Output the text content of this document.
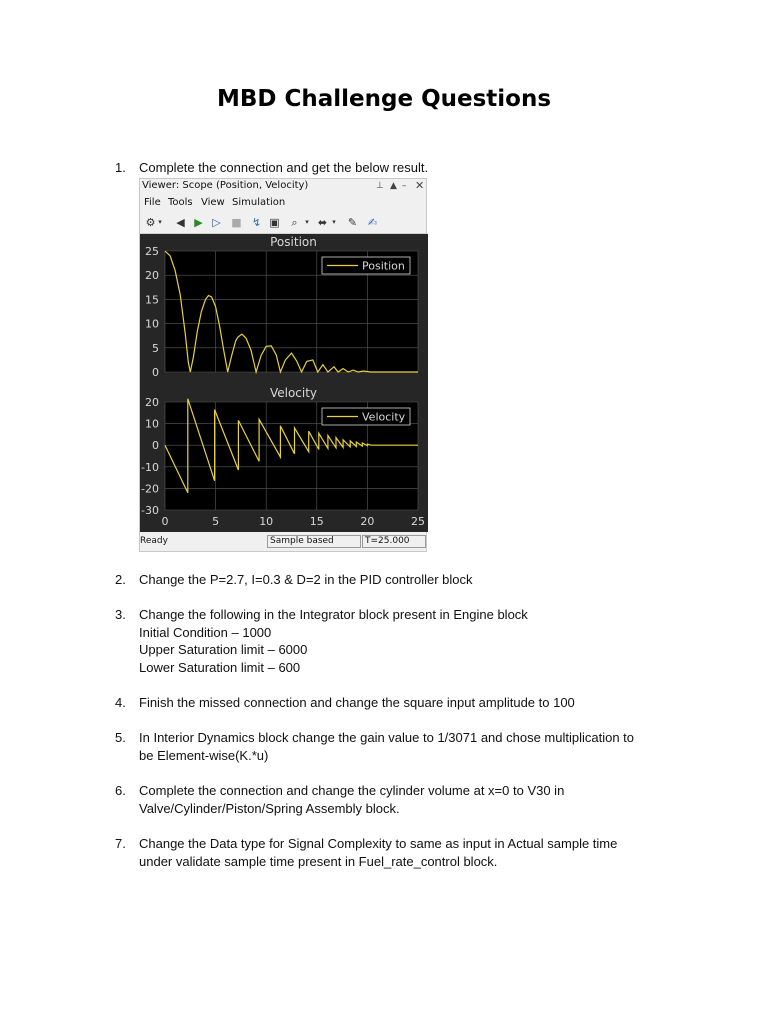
MBD Challenge Questions
1.	Complete the connection and get the below result.
2.	Change the P=2.7, I=0.3 & D=2 in the PID controller block
3.	Change the following in the Integrator block present in Engine block
Initial Condition – 1000
Upper Saturation limit – 6000
Lower Saturation limit – 600
4.	Finish the missed connection and change the square input amplitude to 100
5.	In Interior Dynamics block change the gain value to 1/3071 and chose multiplication to
be Element-wise(K.*u)
6.	Complete the connection and change the cylinder volume at x=0 to V30 in
Valve/Cylinder/Piston/Spring Assembly block.
7.	Change the Data type for Signal Complexity to same as input in Actual sample time
under validate sample time present in Fuel_rate_control block.
Viewer: Scope (Position, Velocity)	⊥ ▲ – ✕
File Tools View Simulation
⚙ ▾ ◀ ▶ ▷ ■ ↯ ▣	⌕	▾ ⬌ ▾ ✎ ✍
0
5
10
15
20
25
Position
Position
-30
-20
-10
0
10
20
0	5	10	15	20	25
Velocity
Velocity
Ready	Sample based	T=25.000
